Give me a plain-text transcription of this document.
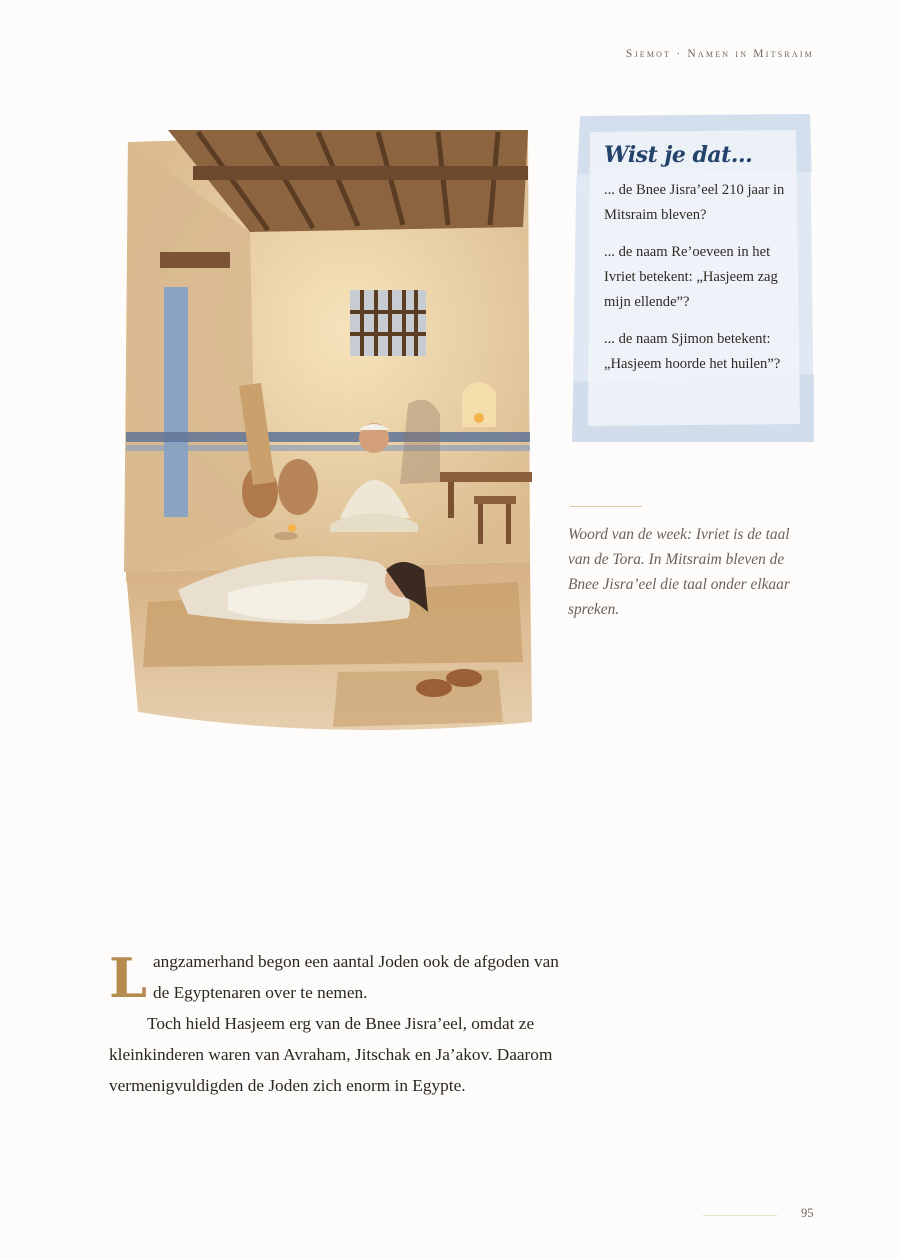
Sjemot · Namen in Mitsraim
Wist je dat...

... de Bnee Jisra’eel 210 jaar in Mitsraim bleven?

... de naam Re’oeveen in het Ivriet betekent: „Hasjeem zag mijn ellende”?

... de naam Sjimon betekent: „Hasjeem hoorde het huilen”?

Woord van de week: Ivriet is de taal van de Tora. In Mitsraim bleven de Bnee Jisra’eel die taal onder elkaar spreken.

Langzamerhand begon een aantal Joden ook de afgoden van de Egyptenaren over te nemen.

Toch hield Hasjeem erg van de Bnee Jisra’eel, omdat ze kleinkinderen waren van Avraham, Jitschak en Ja’akov. Daarom vermenigvuldigden de Joden zich enorm in Egypte.

95
